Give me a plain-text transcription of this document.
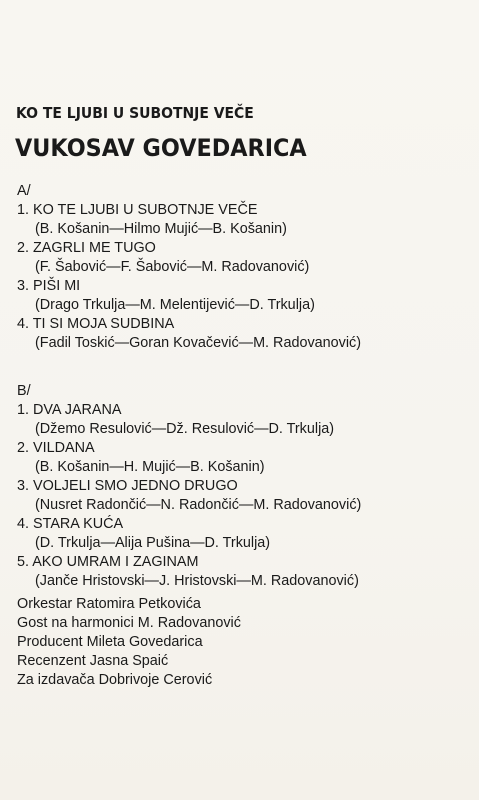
KO TE LJUBI U SUBOTNJE VEČE
VUKOSAV GOVEDARICA
A/
1. KO TE LJUBI U SUBOTNJE VEČE
(B. Košanin—Hilmo Mujić—B. Košanin)
2. ZAGRLI ME TUGO
(F. Šabović—F. Šabović—M. Radovanović)
3. PIŠI MI
(Drago Trkulja—M. Melentijević—D. Trkulja)
4. TI SI MOJA SUDBINA
(Fadil Toskić—Goran Kovačević—M. Radovanović)
B/
1. DVA JARANA
(Džemo Resulović—Dž. Resulović—D. Trkulja)
2. VILDANA
(B. Košanin—H. Mujić—B. Košanin)
3. VOLJELI SMO JEDNO DRUGO
(Nusret Radončić—N. Radončić—M. Radovanović)
4. STARA KUĆA
(D. Trkulja—Alija Pušina—D. Trkulja)
5. AKO UMRAM I ZAGINAM
(Janče Hristovski—J. Hristovski—M. Radovanović)
Orkestar Ratomira Petkovića
Gost na harmonici M. Radovanović
Producent Mileta Govedarica
Recenzent Jasna Spaić
Za izdavača Dobrivoje Cerović
